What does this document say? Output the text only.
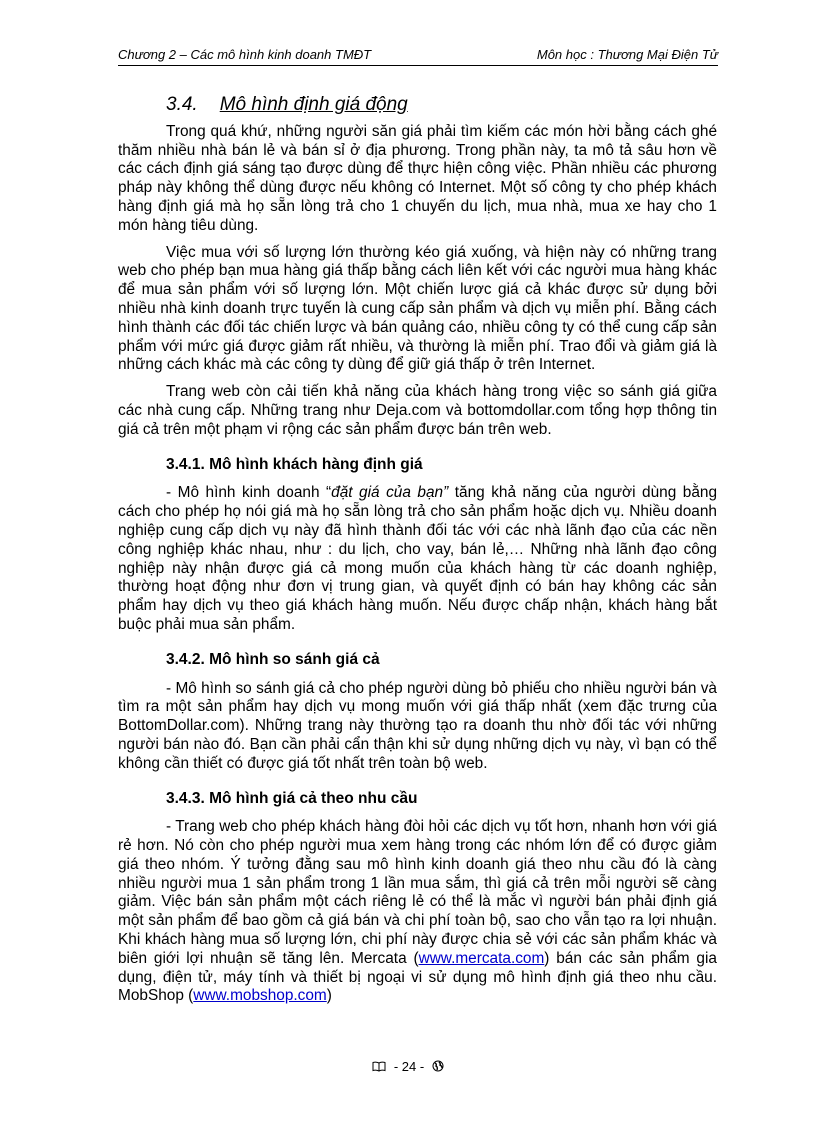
Chương 2 – Các mô hình kinh doanh TMĐT	Môn học : Thương Mại Điện Tử
3.4. Mô hình định giá động

Trong quá khứ, những người săn giá phải tìm kiếm các món hời bằng cách ghé thăm nhiều nhà bán lẻ và bán sỉ ở địa phương. Trong phần này, ta mô tả sâu hơn về các cách định giá sáng tạo được dùng để thực hiện công việc. Phần nhiều các phương pháp này không thể dùng được nếu không có Internet. Một số công ty cho phép khách hàng định giá mà họ sẵn lòng trả cho 1 chuyến du lịch, mua nhà, mua xe hay cho 1 món hàng tiêu dùng.

Việc mua với số lượng lớn thường kéo giá xuống, và hiện này có những trang web cho phép bạn mua hàng giá thấp bằng cách liên kết với các người mua hàng khác để mua sản phẩm với số lượng lớn. Một chiến lược giá cả khác được sử dụng bởi nhiều nhà kinh doanh trực tuyến là cung cấp sản phẩm và dịch vụ miễn phí. Bằng cách hình thành các đối tác chiến lược và bán quảng cáo, nhiều công ty có thể cung cấp sản phẩm với mức giá được giảm rất nhiều, và thường là miễn phí. Trao đổi và giảm giá là những cách khác mà các công ty dùng để giữ giá thấp ở trên Internet.

Trang web còn cải tiến khả năng của khách hàng trong việc so sánh giá giữa các nhà cung cấp. Những trang như Deja.com và bottomdollar.com tổng hợp thông tin giá cả trên một phạm vi rộng các sản phẩm được bán trên web.

3.4.1. Mô hình khách hàng định giá

- Mô hình kinh doanh “đặt giá của bạn” tăng khả năng của người dùng bằng cách cho phép họ nói giá mà họ sẵn lòng trả cho sản phẩm hoặc dịch vụ. Nhiều doanh nghiệp cung cấp dịch vụ này đã hình thành đối tác với các nhà lãnh đạo của các nền công nghiệp khác nhau, như : du lịch, cho vay, bán lẻ,… Những nhà lãnh đạo công nghiệp này nhận được giá cả mong muốn của khách hàng từ các doanh nghiệp, thường hoạt động như đơn vị trung gian, và quyết định có bán hay không các sản phẩm hay dịch vụ theo giá khách hàng muốn. Nếu được chấp nhận, khách hàng bắt buộc phải mua sản phẩm.

3.4.2. Mô hình so sánh giá cả

- Mô hình so sánh giá cả cho phép người dùng bỏ phiếu cho nhiều người bán và tìm ra một sản phẩm hay dịch vụ mong muốn với giá thấp nhất (xem đặc trưng của BottomDollar.com). Những trang này thường tạo ra doanh thu nhờ đối tác với những người bán nào đó. Bạn cần phải cẩn thận khi sử dụng những dịch vụ này, vì bạn có thể không cần thiết có được giá tốt nhất trên toàn bộ web.

3.4.3. Mô hình giá cả theo nhu cầu

- Trang web cho phép khách hàng đòi hỏi các dịch vụ tốt hơn, nhanh hơn với giá rẻ hơn. Nó còn cho phép người mua xem hàng trong các nhóm lớn để có được giảm giá theo nhóm. Ý tưởng đằng sau mô hình kinh doanh giá theo nhu cầu đó là càng nhiều người mua 1 sản phẩm trong 1 lần mua sắm, thì giá cả trên mỗi người sẽ càng giảm. Việc bán sản phẩm một cách riêng lẻ có thể là mắc vì người bán phải định giá một sản phẩm để bao gồm cả giá bán và chi phí toàn bộ, sao cho vẫn tạo ra lợi nhuận. Khi khách hàng mua số lượng lớn, chi phí này được chia sẻ với các sản phẩm khác và biên giới lợi nhuận sẽ tăng lên. Mercata (www.mercata.com) bán các sản phẩm gia dụng, điện tử, máy tính và thiết bị ngoại vi sử dụng mô hình định giá theo nhu cầu. MobShop (www.mobshop.com)

- 24 -
